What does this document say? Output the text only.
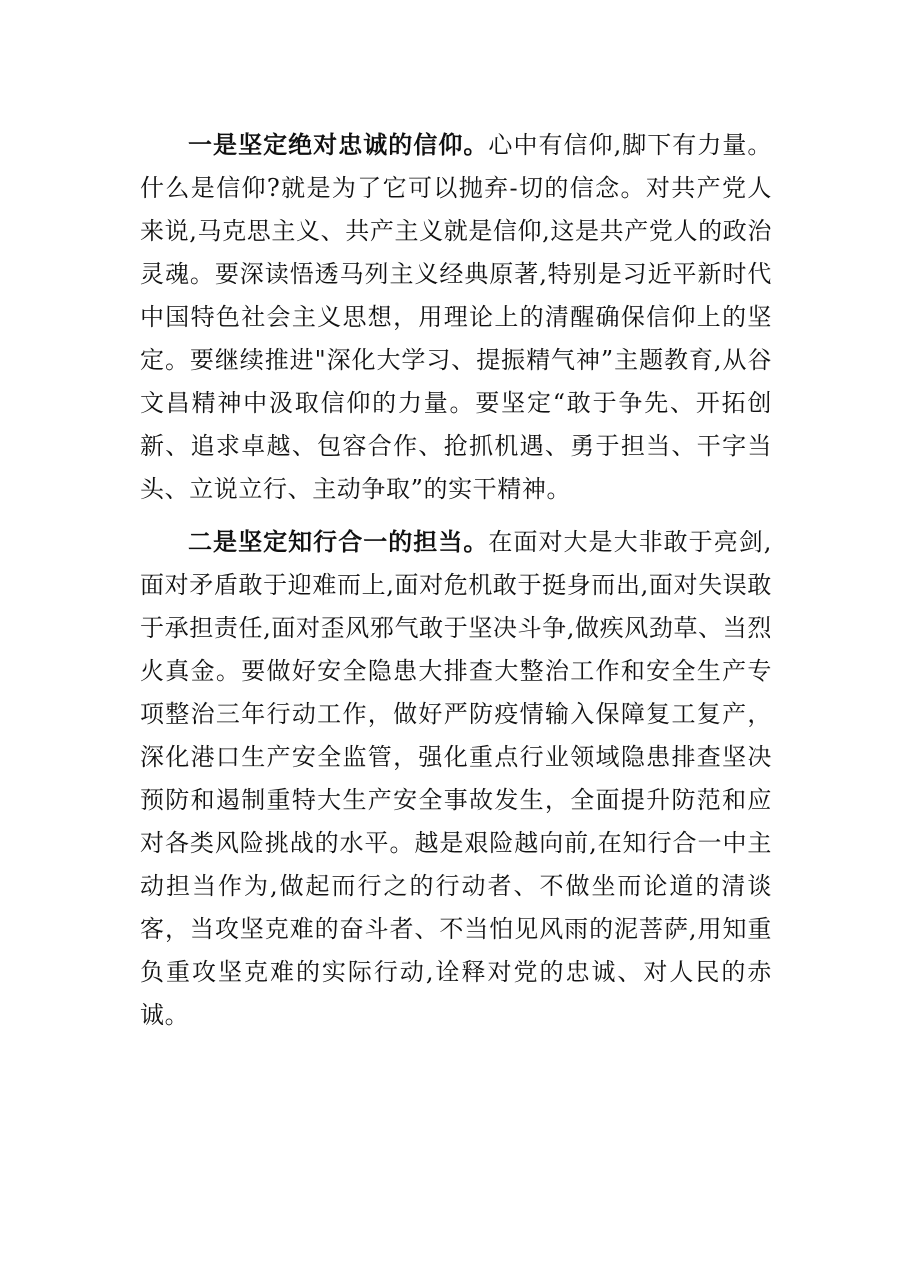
一是坚定绝对忠诚的信仰。心中有信仰,脚下有力量。什么是信仰?就是为了它可以抛弃-切的信念。对共产党人来说,马克思主义、共产主义就是信仰,这是共产党人的政治灵魂。要深读悟透马列主义经典原著,特别是习近平新时代中国特色社会主义思想，用理论上的清醒确保信仰上的坚定。要继续推进"深化大学习、提振精气神”主题教育,从谷文昌精神中汲取信仰的力量。要坚定“敢于争先、开拓创新、追求卓越、包容合作、抢抓机遇、勇于担当、干字当头、立说立行、主动争取”的实干精神。

二是坚定知行合一的担当。在面对大是大非敢于亮剑,面对矛盾敢于迎难而上,面对危机敢于挺身而出,面对失误敢于承担责任,面对歪风邪气敢于坚决斗争,做疾风劲草、当烈火真金。要做好安全隐患大排查大整治工作和安全生产专项整治三年行动工作，做好严防疫情输入保障复工复产，深化港口生产安全监管，强化重点行业领域隐患排查坚决预防和遏制重特大生产安全事故发生，全面提升防范和应对各类风险挑战的水平。越是艰险越向前,在知行合一中主动担当作为,做起而行之的行动者、不做坐而论道的清谈客，当攻坚克难的奋斗者、不当怕见风雨的泥菩萨,用知重负重攻坚克难的实际行动,诠释对党的忠诚、对人民的赤诚。
